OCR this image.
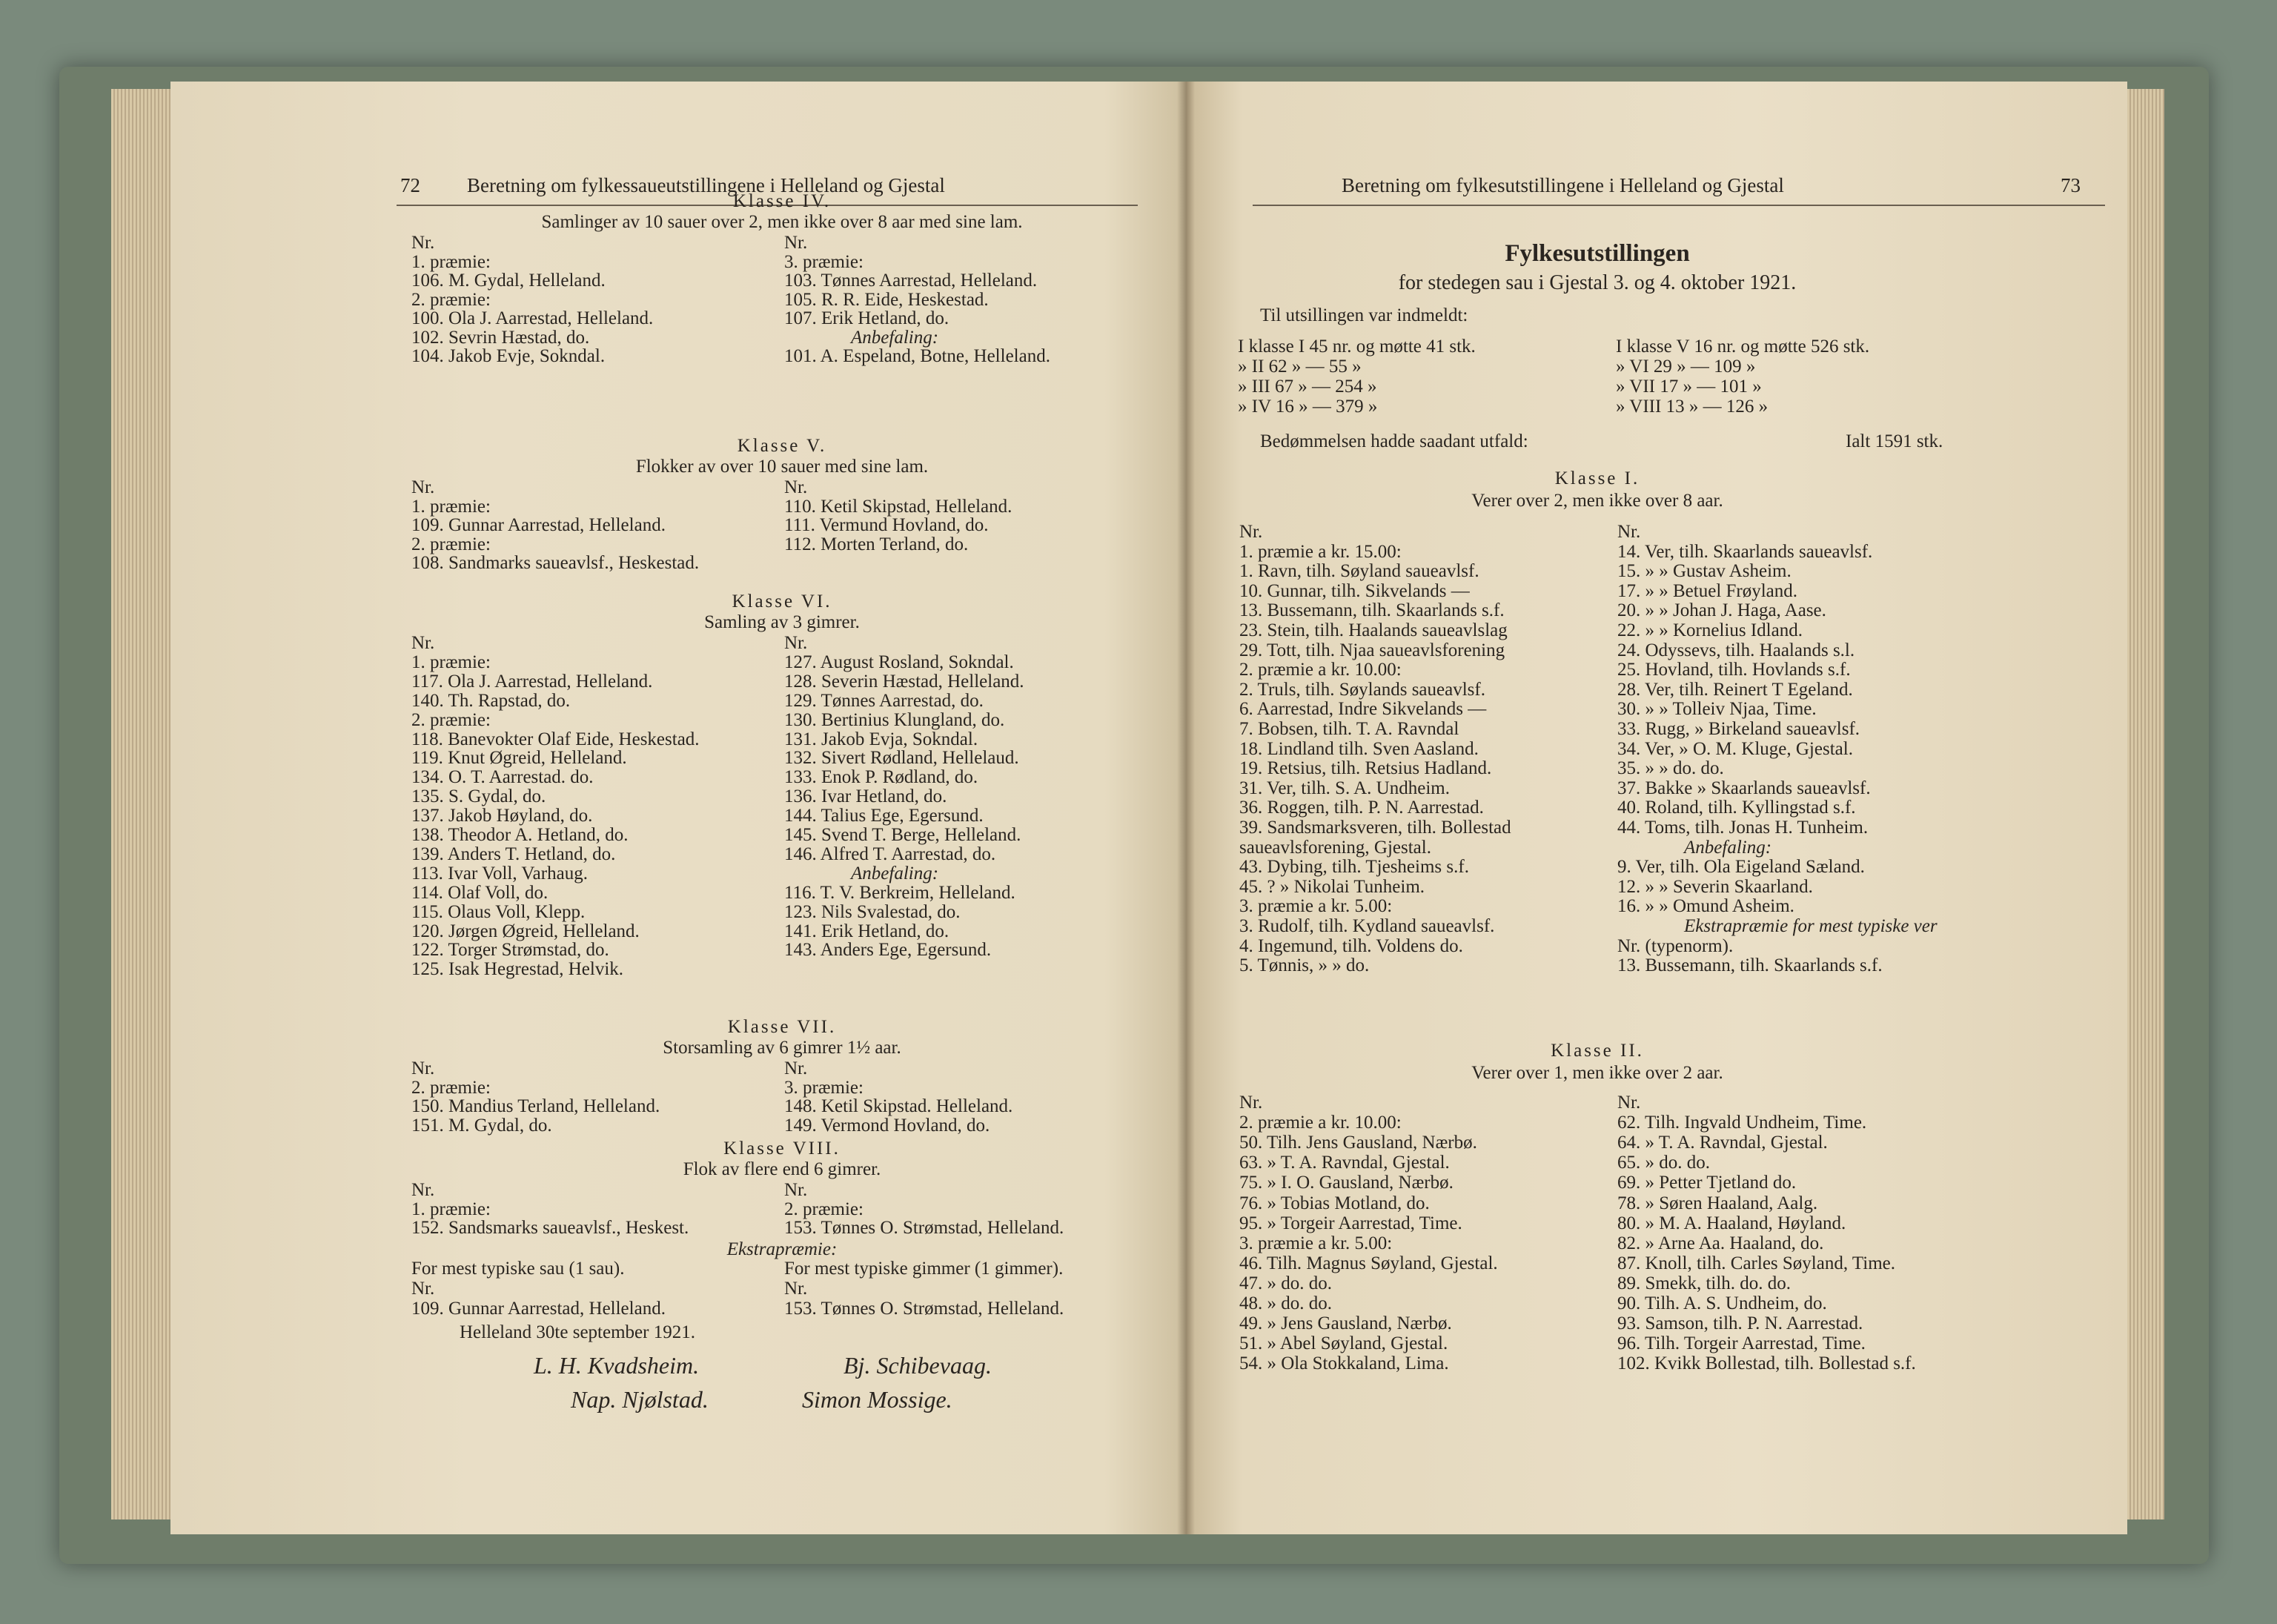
72 Beretning om fylkessaueutstillingene i Helleland og Gjestal	Beretning om fylkesutstillingene i Helleland og Gjestal	73
Klasse IV.
Samlinger av 10 sauer over 2, men ikke over 8 aar med sine lam.
Nr.
1. præmie:
106. M. Gydal, Helleland.
2. præmie:
100. Ola J. Aarrestad, Helleland.
102. Sevrin Hæstad, do.
104. Jakob Evje, Sokndal.
Nr.
3. præmie:
103. Tønnes Aarrestad, Helleland.
105. R. R. Eide, Heskestad.
107. Erik Hetland, do.
Anbefaling:
101. A. Espeland, Botne, Helleland.
Klasse V.
Flokker av over 10 sauer med sine lam.
Nr.
1. præmie:
109. Gunnar Aarrestad, Helleland.
2. præmie:
108. Sandmarks saueavlsf., Heskestad.
Nr.
110. Ketil Skipstad, Helleland.
111. Vermund Hovland, do.
112. Morten Terland, do.
Klasse VI.
Samling av 3 gimrer.
Nr.
1. præmie:
117. Ola J. Aarrestad, Helleland.
140. Th. Rapstad, do.
2. præmie:
118. Banevokter Olaf Eide, Heskestad.
119. Knut Øgreid, Helleland.
134. O. T. Aarrestad. do.
135. S. Gydal, do.
137. Jakob Høyland, do.
138. Theodor A. Hetland, do.
139. Anders T. Hetland, do.
113. Ivar Voll, Varhaug.
114. Olaf Voll, do.
115. Olaus Voll, Klepp.
120. Jørgen Øgreid, Helleland.
122. Torger Strømstad, do.
125. Isak Hegrestad, Helvik.
Nr.
127. August Rosland, Sokndal.
128. Severin Hæstad, Helleland.
129. Tønnes Aarrestad, do.
130. Bertinius Klungland, do.
131. Jakob Evja, Sokndal.
132. Sivert Rødland, Hellelaud.
133. Enok P. Rødland, do.
136. Ivar Hetland, do.
144. Talius Ege, Egersund.
145. Svend T. Berge, Helleland.
146. Alfred T. Aarrestad, do.
Anbefaling:
116. T. V. Berkreim, Helleland.
123. Nils Svalestad, do.
141. Erik Hetland, do.
143. Anders Ege, Egersund.
Klasse VII.
Storsamling av 6 gimrer 1½ aar.
Nr.
2. præmie:
150. Mandius Terland, Helleland.
151. M. Gydal, do.
Nr.
3. præmie:
148. Ketil Skipstad. Helleland.
149. Vermond Hovland, do.
Klasse VIII.
Flok av flere end 6 gimrer.
Nr.
1. præmie:
152. Sandsmarks saueavlsf., Heskest.
Nr.
2. præmie:
153. Tønnes O. Strømstad, Helleland.
Ekstrapræmie:
For mest typiske sau (1 sau).
Nr.
109. Gunnar Aarrestad, Helleland.
For mest typiske gimmer (1 gimmer).
Nr.
153. Tønnes O. Strømstad, Helleland.
Helleland 30te september 1921.
L. H. Kvadsheim.	Bj. Schibevaag.
Nap. Njølstad.	Simon Mossige.
Fylkesutstillingen
for stedegen sau i Gjestal 3. og 4. oktober 1921.
Til utsillingen var indmeldt:
I klasse I 45 nr. og møtte 41 stk.
» II 62 » — 55 »
» III 67 » — 254 »
» IV 16 » — 379 »
I klasse V 16 nr. og møtte 526 stk.
» VI 29 » — 109 »
» VII 17 » — 101 »
» VIII 13 » — 126 »
Bedømmelsen hadde saadant utfald:	Ialt 1591 stk.
Klasse I.
Verer over 2, men ikke over 8 aar.
Nr.
1. præmie a kr. 15.00:
1. Ravn, tilh. Søyland saueavlsf.
10. Gunnar, tilh. Sikvelands —
13. Bussemann, tilh. Skaarlands s.f.
23. Stein, tilh. Haalands saueavlslag
29. Tott, tilh. Njaa saueavlsforening
2. præmie a kr. 10.00:
2. Truls, tilh. Søylands saueavlsf.
6. Aarrestad, Indre Sikvelands —
7. Bobsen, tilh. T. A. Ravndal
18. Lindland tilh. Sven Aasland.
19. Retsius, tilh. Retsius Hadland.
31. Ver, tilh. S. A. Undheim.
36. Roggen, tilh. P. N. Aarrestad.
39. Sandsmarksveren, tilh. Bollestad
saueavlsforening, Gjestal.
43. Dybing, tilh. Tjesheims s.f.
45. ? » Nikolai Tunheim.
3. præmie a kr. 5.00:
3. Rudolf, tilh. Kydland saueavlsf.
4. Ingemund, tilh. Voldens do.
5. Tønnis, » » do.
Nr.
14. Ver, tilh. Skaarlands saueavlsf.
15. » » Gustav Asheim.
17. » » Betuel Frøyland.
20. » » Johan J. Haga, Aase.
22. » » Kornelius Idland.
24. Odyssevs, tilh. Haalands s.l.
25. Hovland, tilh. Hovlands s.f.
28. Ver, tilh. Reinert T Egeland.
30. » » Tolleiv Njaa, Time.
33. Rugg, » Birkeland saueavlsf.
34. Ver, » O. M. Kluge, Gjestal.
35. » » do. do.
37. Bakke » Skaarlands saueavlsf.
40. Roland, tilh. Kyllingstad s.f.
44. Toms, tilh. Jonas H. Tunheim.
Anbefaling:
9. Ver, tilh. Ola Eigeland Sæland.
12. » » Severin Skaarland.
16. » » Omund Asheim.
Ekstrapræmie for mest typiske ver
Nr. (typenorm).
13. Bussemann, tilh. Skaarlands s.f.
Klasse II.
Verer over 1, men ikke over 2 aar.
Nr.
2. præmie a kr. 10.00:
50. Tilh. Jens Gausland, Nærbø.
63. » T. A. Ravndal, Gjestal.
75. » I. O. Gausland, Nærbø.
76. » Tobias Motland, do.
95. » Torgeir Aarrestad, Time.
3. præmie a kr. 5.00:
46. Tilh. Magnus Søyland, Gjestal.
47. » do. do.
48. » do. do.
49. » Jens Gausland, Nærbø.
51. » Abel Søyland, Gjestal.
54. » Ola Stokkaland, Lima.
Nr.
62. Tilh. Ingvald Undheim, Time.
64. » T. A. Ravndal, Gjestal.
65. » do. do.
69. » Petter Tjetland do.
78. » Søren Haaland, Aalg.
80. » M. A. Haaland, Høyland.
82. » Arne Aa. Haaland, do.
87. Knoll, tilh. Carles Søyland, Time.
89. Smekk, tilh. do. do.
90. Tilh. A. S. Undheim, do.
93. Samson, tilh. P. N. Aarrestad.
96. Tilh. Torgeir Aarrestad, Time.
102. Kvikk Bollestad, tilh. Bollestad s.f.
